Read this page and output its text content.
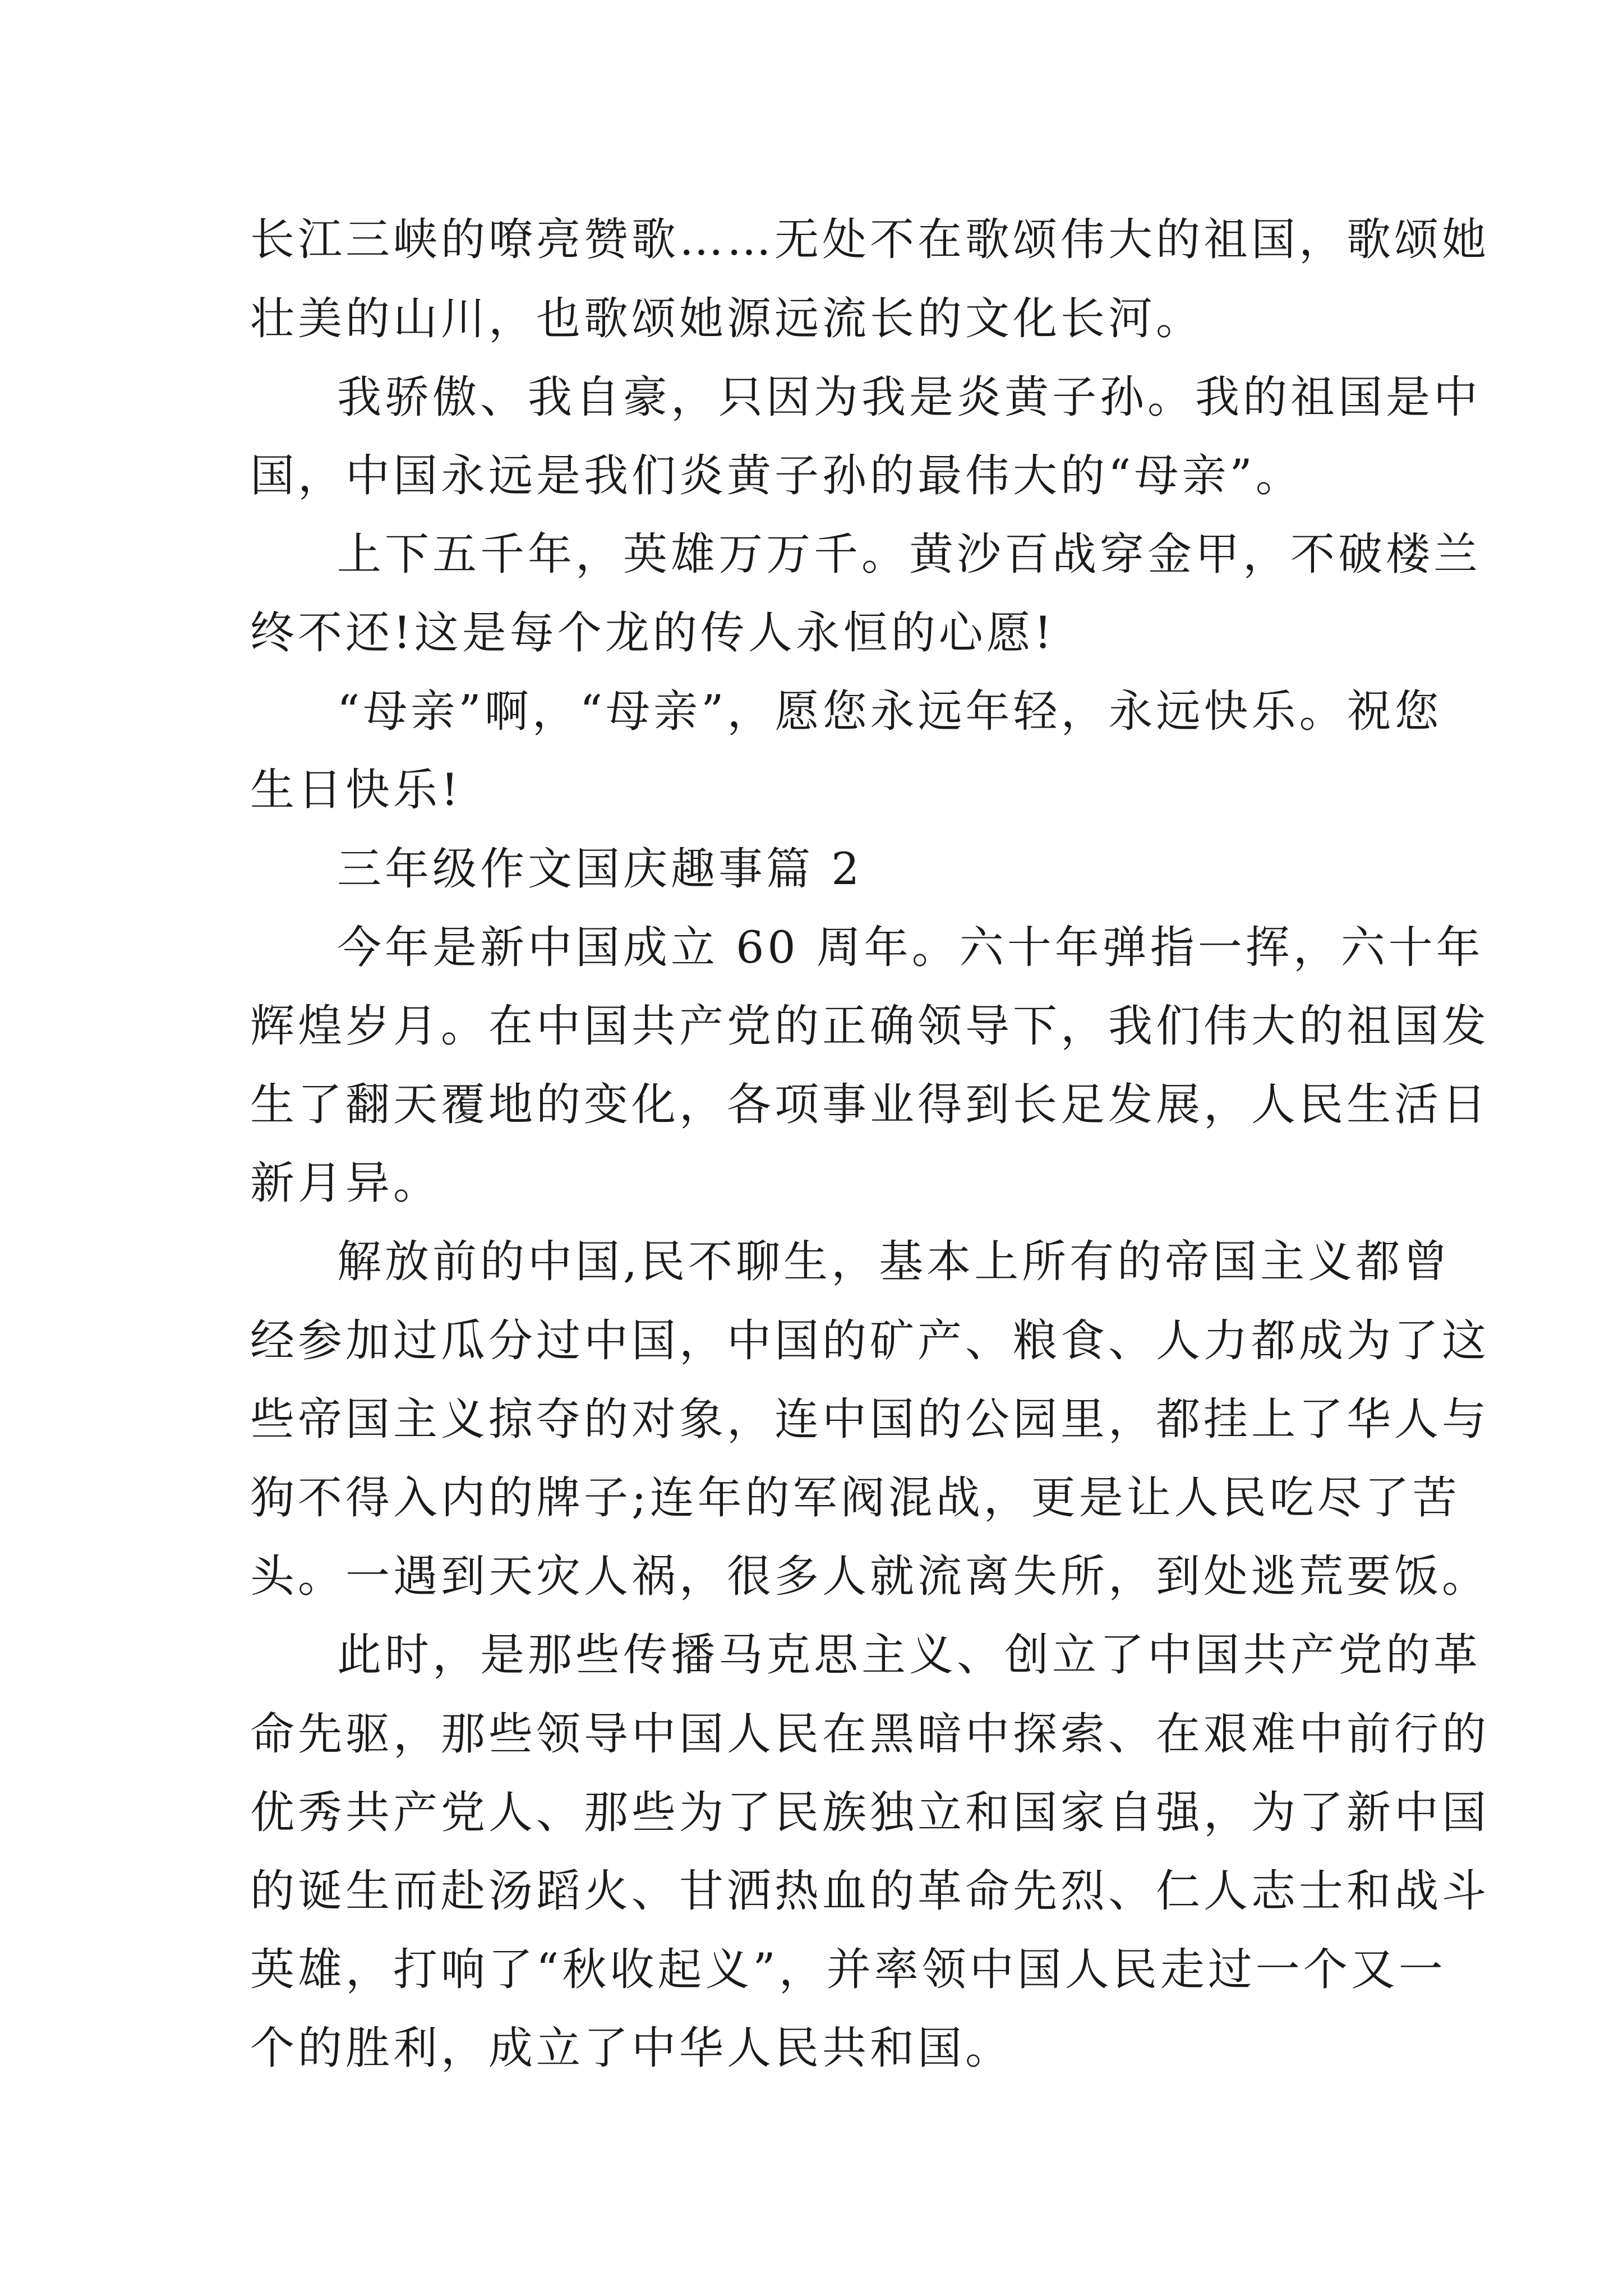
长江三峡的嘹亮赞歌……无处不在歌颂伟大的祖国，歌颂她
壮美的山川，也歌颂她源远流长的文化长河。
我骄傲、我自豪，只因为我是炎黄子孙。我的祖国是中
国，中国永远是我们炎黄子孙的最伟大的“母亲”。
上下五千年，英雄万万千。黄沙百战穿金甲，不破楼兰
终不还!这是每个龙的传人永恒的心愿!
“母亲”啊，“母亲”，愿您永远年轻，永远快乐。祝您
生日快乐!
三年级作文国庆趣事篇 2
今年是新中国成立 60 周年。六十年弹指一挥，六十年
辉煌岁月。在中国共产党的正确领导下，我们伟大的祖国发
生了翻天覆地的变化，各项事业得到长足发展，人民生活日
新月异。
解放前的中国,民不聊生，基本上所有的帝国主义都曾
经参加过瓜分过中国，中国的矿产、粮食、人力都成为了这
些帝国主义掠夺的对象，连中国的公园里，都挂上了华人与
狗不得入内的牌子;连年的军阀混战，更是让人民吃尽了苦
头。一遇到天灾人祸，很多人就流离失所，到处逃荒要饭。
此时，是那些传播马克思主义、创立了中国共产党的革
命先驱，那些领导中国人民在黑暗中探索、在艰难中前行的
优秀共产党人、那些为了民族独立和国家自强，为了新中国
的诞生而赴汤蹈火、甘洒热血的革命先烈、仁人志士和战斗
英雄，打响了“秋收起义”，并率领中国人民走过一个又一
个的胜利，成立了中华人民共和国。
